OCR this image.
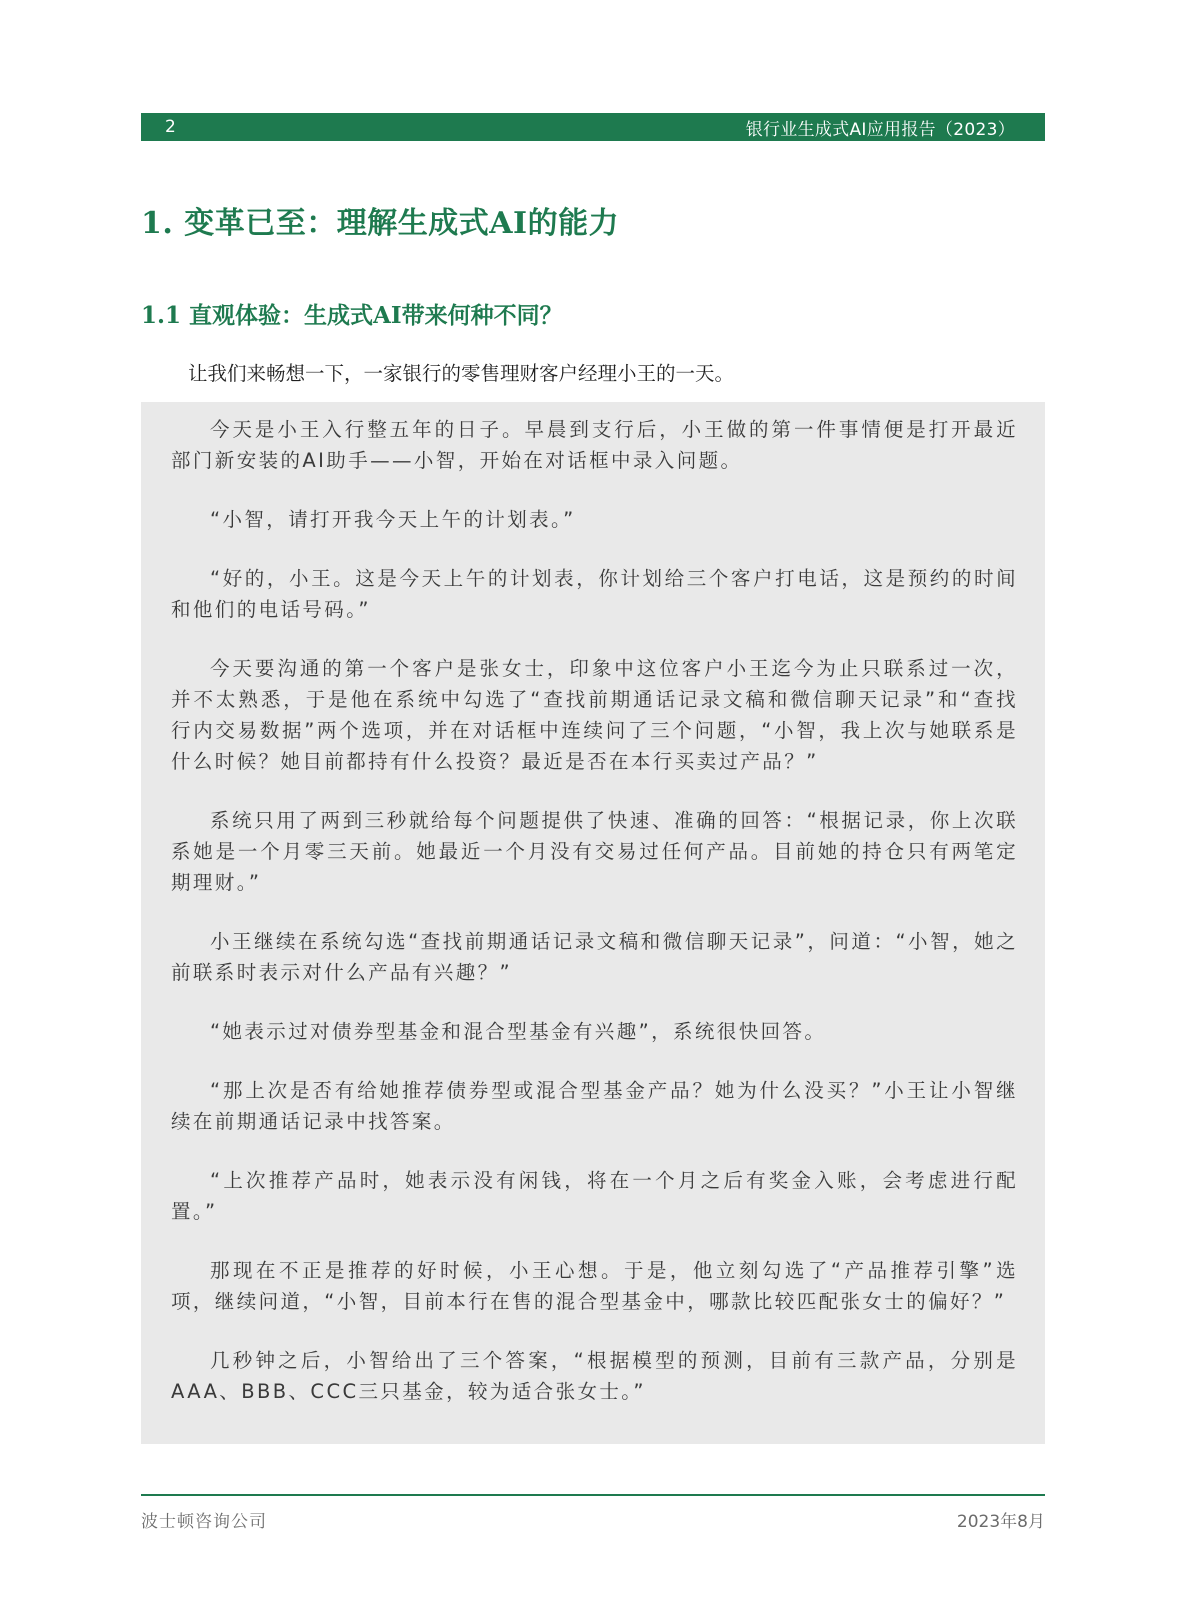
2	银行业生成式AI应用报告（2023）
1. 变革已至：理解生成式AI的能力
1.1 直观体验：生成式AI带来何种不同？

让我们来畅想一下，一家银行的零售理财客户经理小王的一天。

今天是小王入行整五年的日子。早晨到支行后，小王做的第一件事情便是打开最近部门新安装的AI助手——小智，开始在对话框中录入问题。

“小智，请打开我今天上午的计划表。”

“好的，小王。这是今天上午的计划表，你计划给三个客户打电话，这是预约的时间和他们的电话号码。”

今天要沟通的第一个客户是张女士，印象中这位客户小王迄今为止只联系过一次，并不太熟悉，于是他在系统中勾选了“查找前期通话记录文稿和微信聊天记录”和“查找行内交易数据”两个选项，并在对话框中连续问了三个问题，“小智，我上次与她联系是什么时候？她目前都持有什么投资？最近是否在本行买卖过产品？”

系统只用了两到三秒就给每个问题提供了快速、准确的回答：“根据记录，你上次联系她是一个月零三天前。她最近一个月没有交易过任何产品。目前她的持仓只有两笔定期理财。”

小王继续在系统勾选“查找前期通话记录文稿和微信聊天记录”，问道：“小智，她之前联系时表示对什么产品有兴趣？”

“她表示过对债券型基金和混合型基金有兴趣”，系统很快回答。

“那上次是否有给她推荐债券型或混合型基金产品？她为什么没买？”小王让小智继续在前期通话记录中找答案。

“上次推荐产品时，她表示没有闲钱，将在一个月之后有奖金入账，会考虑进行配置。”

那现在不正是推荐的好时候，小王心想。于是，他立刻勾选了“产品推荐引擎”选项，继续问道，“小智，目前本行在售的混合型基金中，哪款比较匹配张女士的偏好？”

几秒钟之后，小智给出了三个答案，“根据模型的预测，目前有三款产品，分别是AAA、BBB、CCC三只基金，较为适合张女士。”

波士顿咨询公司	2023年8月
